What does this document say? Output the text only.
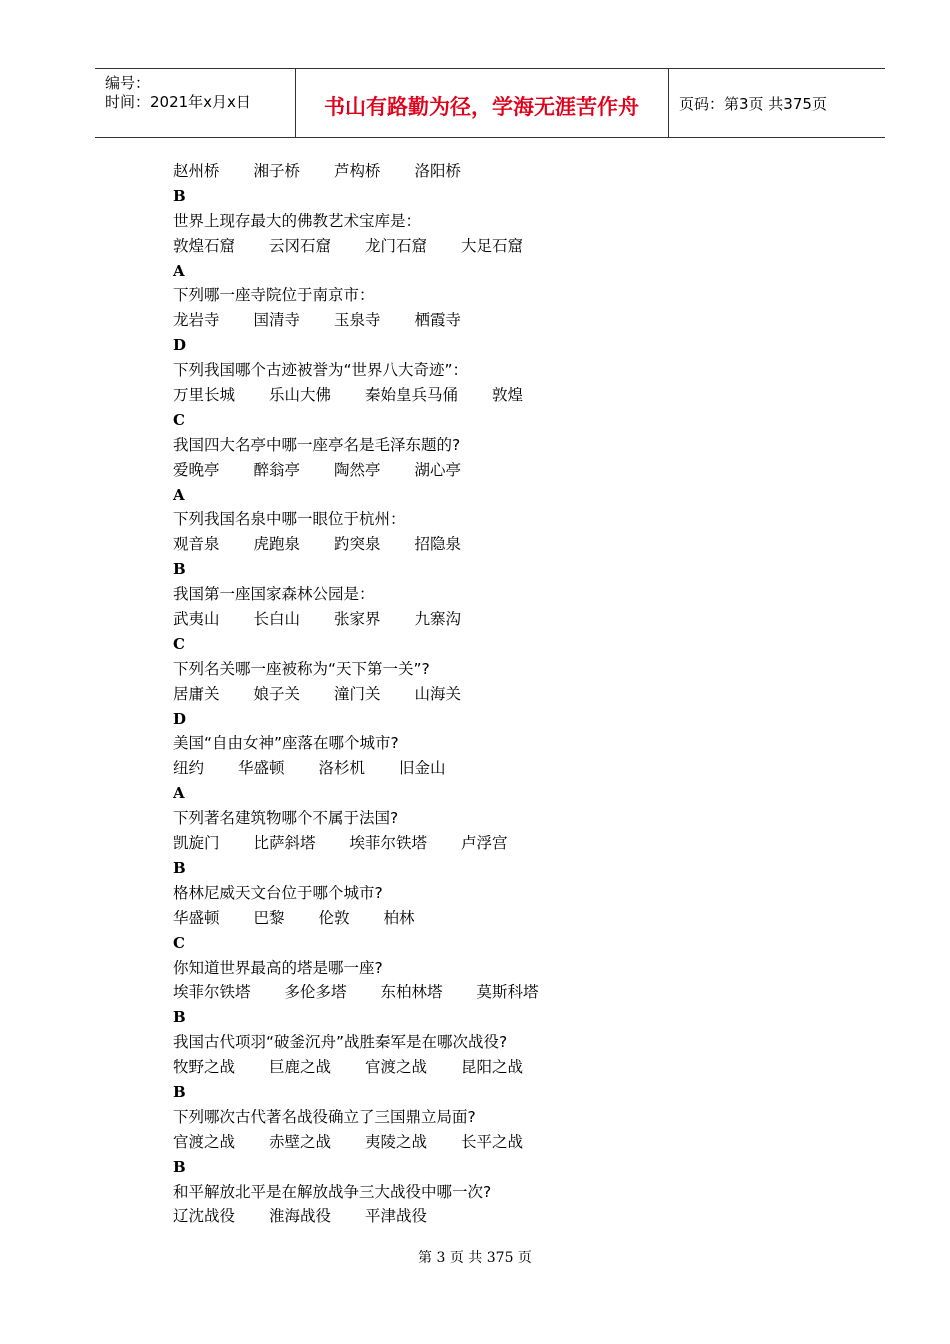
编号：
时间：2021年x月x日	书山有路勤为径，学海无涯苦作舟	页码：第3页 共375页
赵州桥 湘子桥 芦构桥 洛阳桥
B
世界上现存最大的佛教艺术宝库是：
敦煌石窟 云冈石窟 龙门石窟 大足石窟
A
下列哪一座寺院位于南京市：
龙岩寺 国清寺 玉泉寺 栖霞寺
D
下列我国哪个古迹被誉为“世界八大奇迹”：
万里长城 乐山大佛 秦始皇兵马俑 敦煌
C
我国四大名亭中哪一座亭名是毛泽东题的?
爱晚亭 醉翁亭 陶然亭 湖心亭
A
下列我国名泉中哪一眼位于杭州：
观音泉 虎跑泉 趵突泉 招隐泉
B
我国第一座国家森林公园是：
武夷山 长白山 张家界 九寨沟
C
下列名关哪一座被称为“天下第一关”?
居庸关 娘子关 潼门关 山海关
D
美国“自由女神”座落在哪个城市?
纽约 华盛顿 洛杉机 旧金山
A
下列著名建筑物哪个不属于法国?
凯旋门 比萨斜塔 埃菲尔铁塔 卢浮宫
B
格林尼威天文台位于哪个城市?
华盛顿 巴黎 伦敦 柏林
C
你知道世界最高的塔是哪一座?
埃菲尔铁塔 多伦多塔 东柏林塔 莫斯科塔
B
我国古代项羽“破釜沉舟”战胜秦军是在哪次战役?
牧野之战 巨鹿之战 官渡之战 昆阳之战
B
下列哪次古代著名战役确立了三国鼎立局面?
官渡之战 赤壁之战 夷陵之战 长平之战
B
和平解放北平是在解放战争三大战役中哪一次?
辽沈战役 淮海战役 平津战役
第 3 页 共 375 页
